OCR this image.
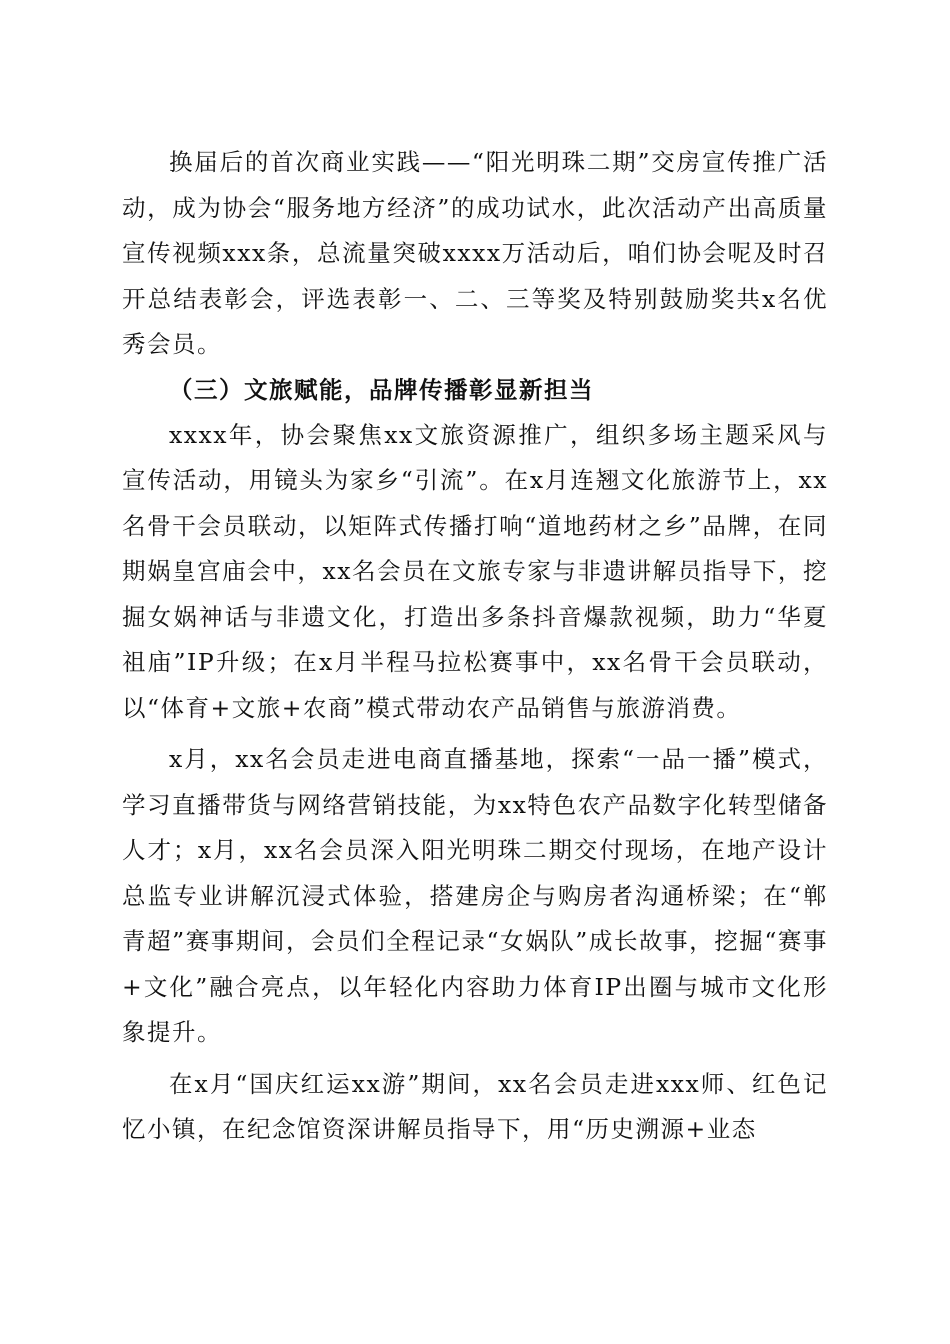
换届后的首次商业实践——“阳光明珠二期”交房宣传推广活动，成为协会“服务地方经济”的成功试水，此次活动产出高质量宣传视频xxx条，总流量突破xxxx万活动后，咱们协会呢及时召开总结表彰会，评选表彰一、二、三等奖及特别鼓励奖共x名优秀会员。

（三）文旅赋能，品牌传播彰显新担当

xxxx年，协会聚焦xx文旅资源推广，组织多场主题采风与宣传活动，用镜头为家乡“引流”。在x月连翘文化旅游节上，xx名骨干会员联动，以矩阵式传播打响“道地药材之乡”品牌，在同期娲皇宫庙会中，xx名会员在文旅专家与非遗讲解员指导下，挖掘女娲神话与非遗文化，打造出多条抖音爆款视频，助力“华夏祖庙”IP升级；在x月半程马拉松赛事中，xx名骨干会员联动，以“体育+文旅+农商”模式带动农产品销售与旅游消费。

x月，xx名会员走进电商直播基地，探索“一品一播”模式，学习直播带货与网络营销技能，为xx特色农产品数字化转型储备人才；x月，xx名会员深入阳光明珠二期交付现场，在地产设计总监专业讲解沉浸式体验，搭建房企与购房者沟通桥梁；在“郸青超”赛事期间，会员们全程记录“女娲队”成长故事，挖掘“赛事+文化”融合亮点，以年轻化内容助力体育IP出圈与城市文化形象提升。

在x月“国庆红运xx游”期间，xx名会员走进xxx师、红色记忆小镇，在纪念馆资深讲解员指导下，用“历史溯源+业态
